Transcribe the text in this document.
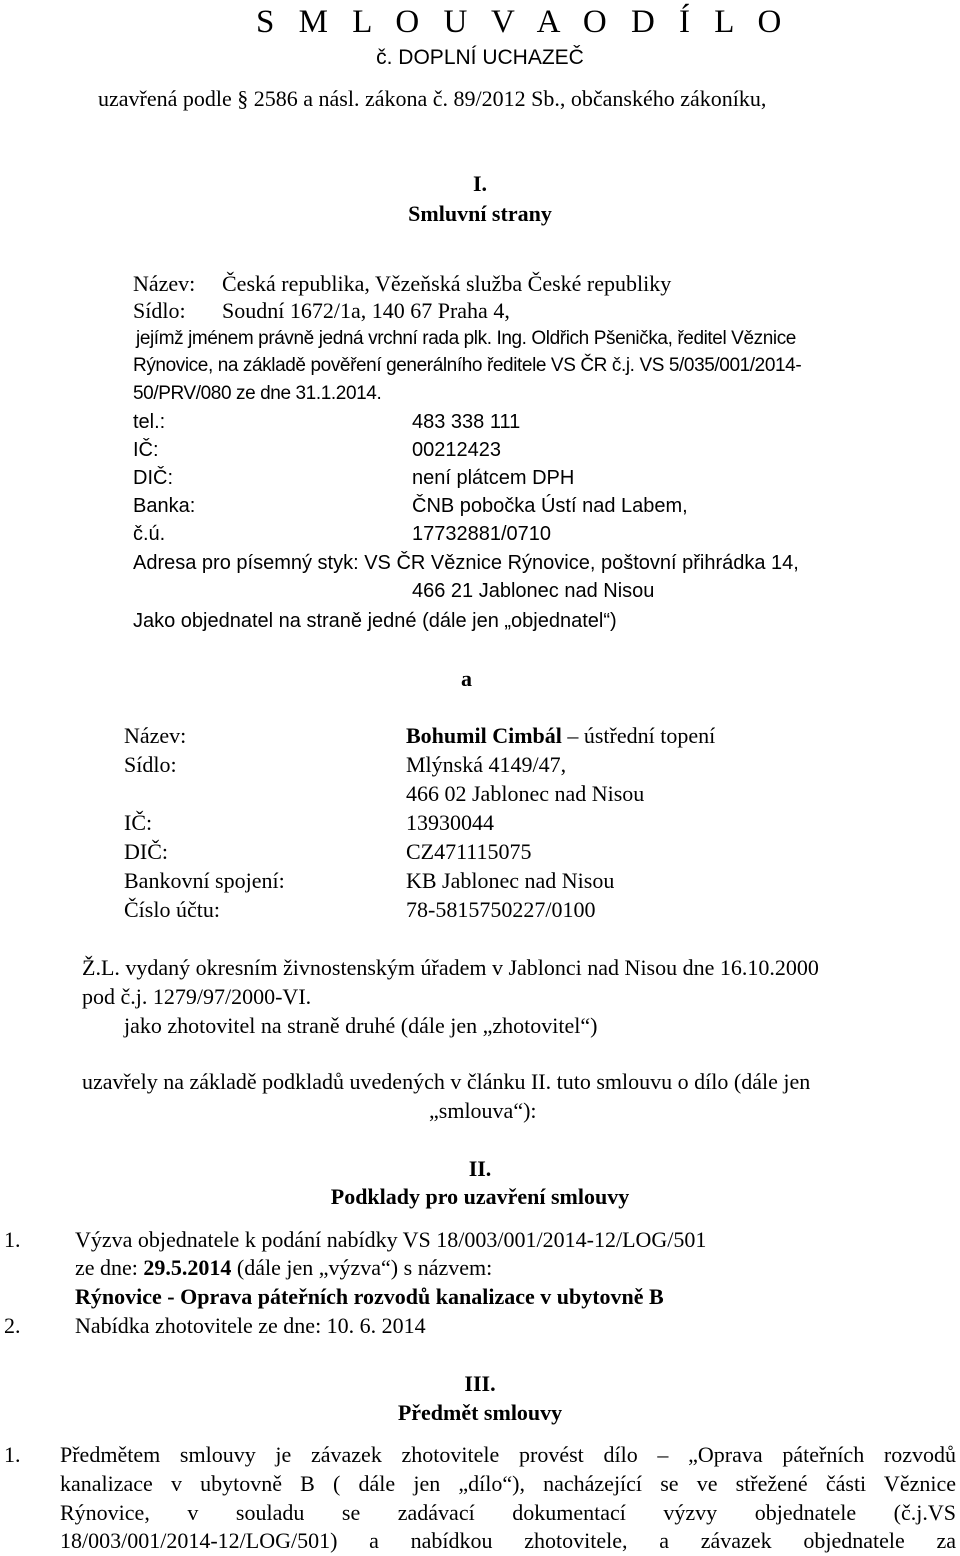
S M L O U V A O D Í L O
č. DOPLNÍ UCHAZEČ
uzavřená podle § 2586 a násl. zákona č. 89/2012 Sb., občanského zákoníku,
I.
Smluvní strany
Název: Česká republika, Vězeňská služba České republiky
Sídlo: Soudní 1672/1a, 140 67 Praha 4,
jejímž jménem právně jedná vrchní rada plk. Ing. Oldřich Pšenička, ředitel Věznice
Rýnovice, na základě pověření generálního ředitele VS ČR č.j. VS 5/035/001/2014-
50/PRV/080 ze dne 31.1.2014.
tel.:	483 338 111
IČ:	00212423
DIČ:	není plátcem DPH
Banka:	ČNB pobočka Ústí nad Labem,
č.ú.	17732881/0710
Adresa pro písemný styk: VS ČR Věznice Rýnovice, poštovní přihrádka 14,
466 21 Jablonec nad Nisou
Jako objednatel na straně jedné (dále jen „objednatel“)
a
Název:	Bohumil Cimbál – ústřední topení
Sídlo:	Mlýnská 4149/47,
466 02 Jablonec nad Nisou
IČ:	13930044
DIČ:	CZ471115075
Bankovní spojení:	KB Jablonec nad Nisou
Číslo účtu:	78-5815750227/0100
Ž.L. vydaný okresním živnostenským úřadem v Jablonci nad Nisou dne 16.10.2000
pod č.j. 1279/97/2000-VI.
jako zhotovitel na straně druhé (dále jen „zhotovitel“)
uzavřely na základě podkladů uvedených v článku II. tuto smlouvu o dílo (dále jen
„smlouva“):
II.
Podklady pro uzavření smlouvy
1. Výzva objednatele k podání nabídky VS 18/003/001/2014-12/LOG/501
ze dne: 29.5.2014 (dále jen „výzva“) s názvem:
Rýnovice - Oprava páteřních rozvodů kanalizace v ubytovně B
2. Nabídka zhotovitele ze dne: 10. 6. 2014
III.
Předmět smlouvy
1. Předmětem smlouvy je závazek zhotovitele provést dílo – „Oprava páteřních rozvodů
kanalizace v ubytovně B ( dále jen „dílo“), nacházející se ve střežené části Věznice
Rýnovice, v souladu se zadávací dokumentací výzvy objednatele (č.j.VS
18/003/001/2014-12/LOG/501) a nabídkou zhotovitele, a závazek objednatele za
